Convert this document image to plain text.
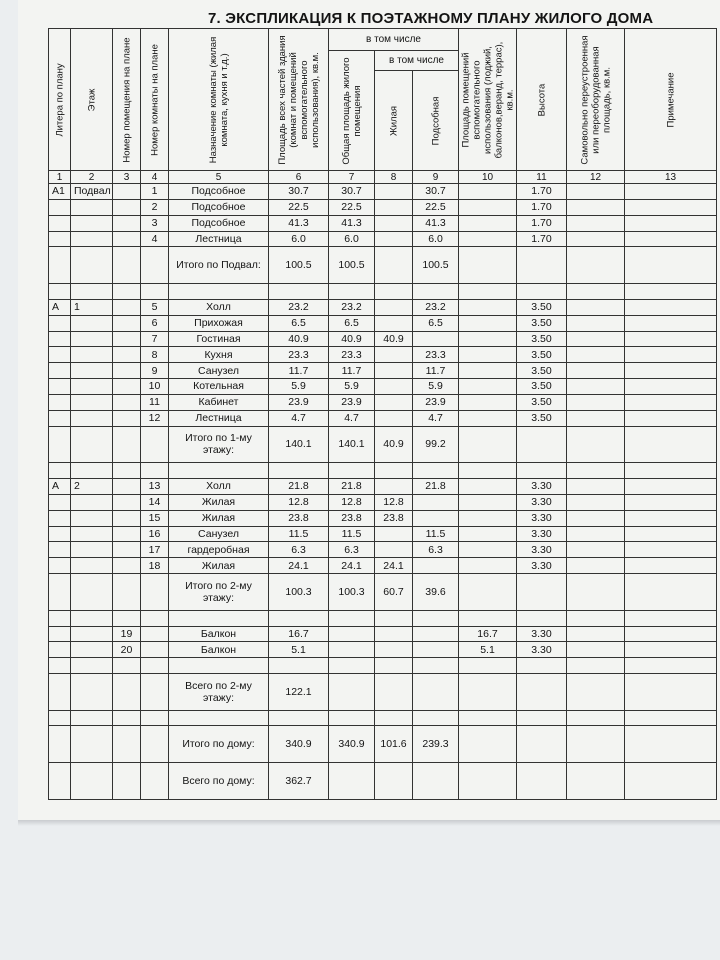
7. ЭКСПЛИКАЦИЯ К ПОЭТАЖНОМУ ПЛАНУ ЖИЛОГО ДОМА
Литера по плану	Этаж	Номер помещения на плане	Номер комнаты на плане	Назначение комнаты (жилая комната, кухня и т.д.)	Площадь всех частей здания (комнат и помещений вспомогательного использования), кв.м.	в том числе			Площадь помещений вспомогательного использования (лоджий, балконов,веранд, террас), кв.м.	Высота	Самовольно переустроенная или переоборудованная площадь, кв.м.	Примечание

						Общая площадь жилого помещения	в том числе					

							Жилая	Подсобная				

1	2	3	4	5	6	7	8	9	10	11	12	13
А1	Подвал		1	Подсобное	30.7	30.7		30.7		1.70		
			2	Подсобное	22.5	22.5		22.5		1.70		
			3	Подсобное	41.3	41.3		41.3		1.70		
			4	Лестница	6.0	6.0		6.0		1.70		
				Итого по Подвал:	100.5	100.5		100.5				

А	1		5	Холл	23.2	23.2		23.2		3.50		
			6	Прихожая	6.5	6.5		6.5		3.50		
			7	Гостиная	40.9	40.9	40.9			3.50		
			8	Кухня	23.3	23.3		23.3		3.50		
			9	Санузел	11.7	11.7		11.7		3.50		
			10	Котельная	5.9	5.9		5.9		3.50		
			11	Кабинет	23.9	23.9		23.9		3.50		
			12	Лестница	4.7	4.7		4.7		3.50		
				Итого по 1-му этажу:	140.1	140.1	40.9	99.2				

А	2		13	Холл	21.8	21.8		21.8		3.30		
			14	Жилая	12.8	12.8	12.8			3.30		
			15	Жилая	23.8	23.8	23.8			3.30		
			16	Санузел	11.5	11.5		11.5		3.30		
			17	гардеробная	6.3	6.3		6.3		3.30		
			18	Жилая	24.1	24.1	24.1			3.30		
				Итого по 2-му этажу:	100.3	100.3	60.7	39.6				

		19		Балкон	16.7				16.7	3.30		
		20		Балкон	5.1				5.1	3.30		

				Всего по 2-му этажу:	122.1							

				Итого по дому:	340.9	340.9	101.6	239.3				
				Всего по дому:	362.7							
